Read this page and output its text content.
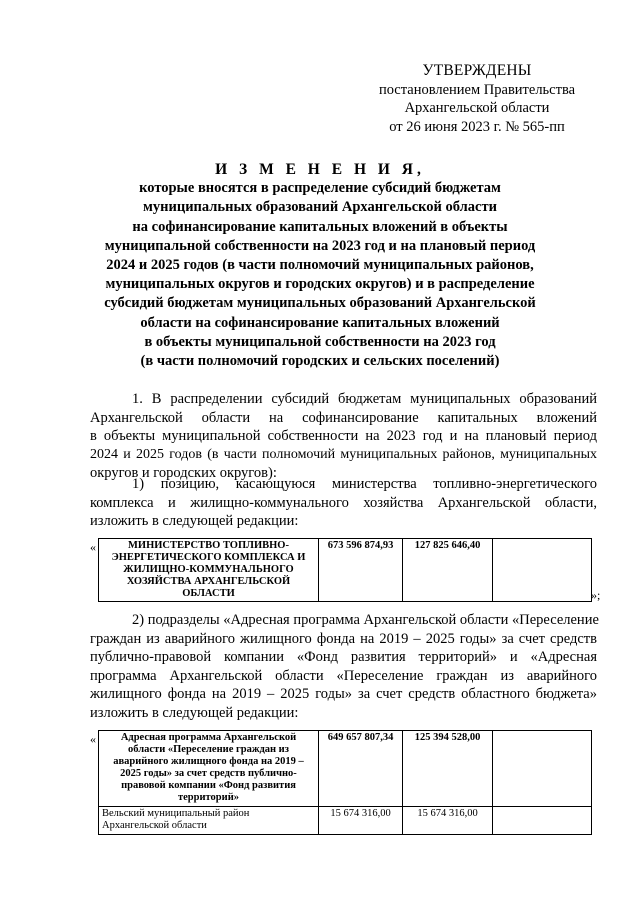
УТВЕРЖДЕНЫ
постановлением Правительства
Архангельской области
от 26 июня 2023 г. № 565-пп
И З М Е Н Е Н И Я,
которые вносятся в распределение субсидий бюджетам
муниципальных образований Архангельской области
на софинансирование капитальных вложений в объекты
муниципальной собственности на 2023 год и на плановый период
2024 и 2025 годов (в части полномочий муниципальных районов,
муниципальных округов и городских округов) и в распределение
субсидий бюджетам муниципальных образований Архангельской
области на софинансирование капитальных вложений
в объекты муниципальной собственности на 2023 год
(в части полномочий городских и сельских поселений)
1. В распределении субсидий бюджетам муниципальных образований
Архангельской области на софинансирование капитальных вложений
в объекты муниципальной собственности на 2023 год и на плановый период
2024 и 2025 годов (в части полномочий муниципальных районов, муниципальных
округов и городских округов):
1) позицию, касающуюся министерства топливно-энергетического
комплекса и жилищно-коммунального хозяйства Архангельской области,
изложить в следующей редакции:
«	МИНИСТЕРСТВО ТОПЛИВНО-ЭНЕРГЕТИЧЕСКОГО КОМПЛЕКСА И ЖИЛИЩНО-КОММУНАЛЬНОГО ХОЗЯЙСТВА АРХАНГЕЛЬСКОЙ ОБЛАСТИ	673 596 874,93	127 825 646,40	
»;
2) подразделы «Адресная программа Архангельской области «Переселение
граждан из аварийного жилищного фонда на 2019 – 2025 годы» за счет средств
публично-правовой компании «Фонд развития территорий» и «Адресная
программа Архангельской области «Переселение граждан из аварийного
жилищного фонда на 2019 – 2025 годы» за счет средств областного бюджета»
изложить в следующей редакции:
« Адресная программа Архангельской области «Переселение граждан из аварийного жилищного фонда на 2019 – 2025 годы» за счет средств публично-правовой компании «Фонд развития территорий»	649 657 807,34	125 394 528,00	
Вельский муниципальный район Архангельской области	15 674 316,00	15 674 316,00	
